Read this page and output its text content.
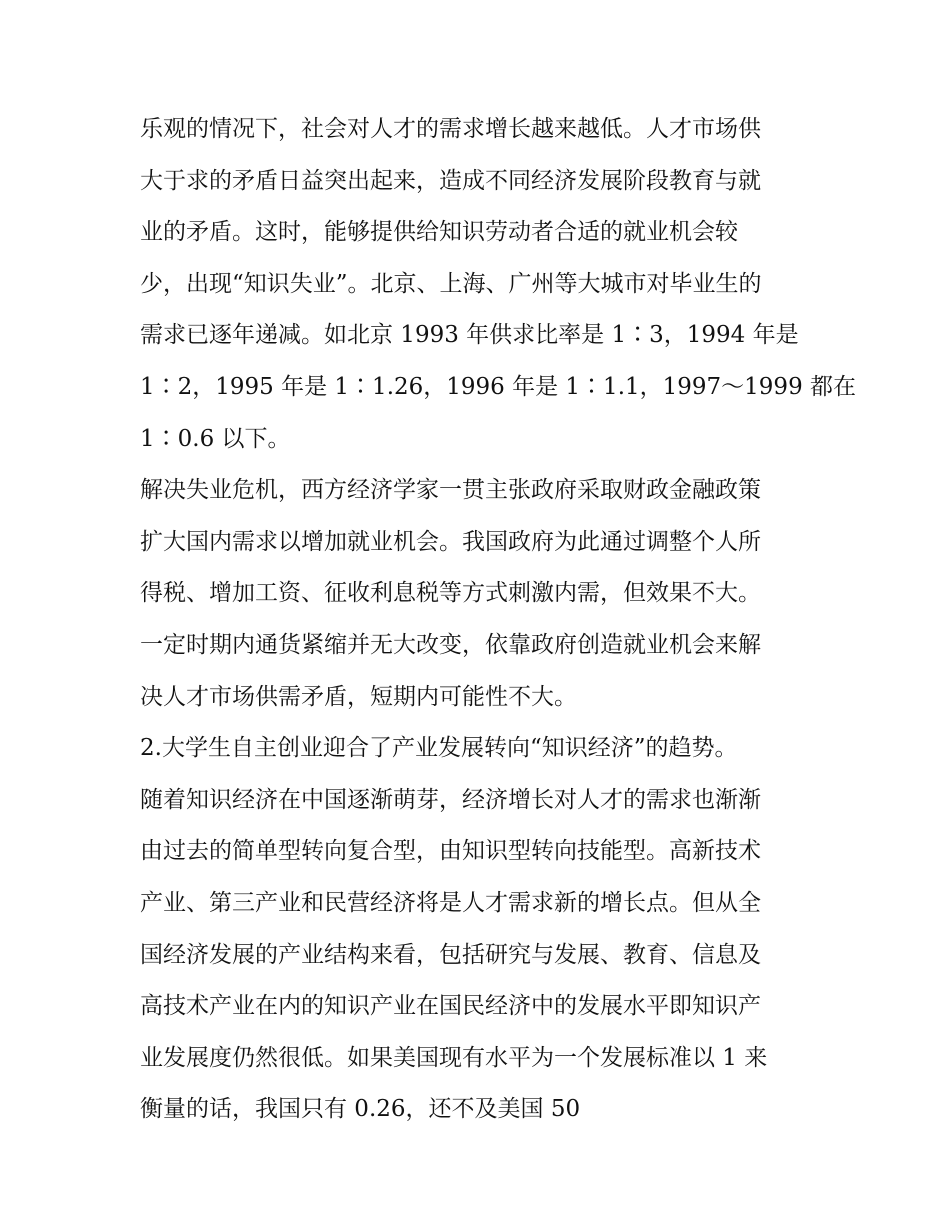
乐观的情况下，社会对人才的需求增长越来越低。人才市场供
大于求的矛盾日益突出起来，造成不同经济发展阶段教育与就
业的矛盾。这时，能够提供给知识劳动者合适的就业机会较
少，出现“知识失业”。北京、上海、广州等大城市对毕业生的
需求已逐年递减。如北京 1993 年供求比率是 1∶3，1994 年是
1∶2，1995 年是 1∶1.26，1996 年是 1∶1.1，1997～1999 都在
1∶0.6 以下。
解决失业危机，西方经济学家一贯主张政府采取财政金融政策
扩大国内需求以增加就业机会。我国政府为此通过调整个人所
得税、增加工资、征收利息税等方式刺激内需，但效果不大。
一定时期内通货紧缩并无大改变，依靠政府创造就业机会来解
决人才市场供需矛盾，短期内可能性不大。
2.大学生自主创业迎合了产业发展转向“知识经济”的趋势。
随着知识经济在中国逐渐萌芽，经济增长对人才的需求也渐渐
由过去的简单型转向复合型，由知识型转向技能型。高新技术
产业、第三产业和民营经济将是人才需求新的增长点。但从全
国经济发展的产业结构来看，包括研究与发展、教育、信息及
高技术产业在内的知识产业在国民经济中的发展水平即知识产
业发展度仍然很低。如果美国现有水平为一个发展标准以 1 来
衡量的话，我国只有 0.26，还不及美国 50
